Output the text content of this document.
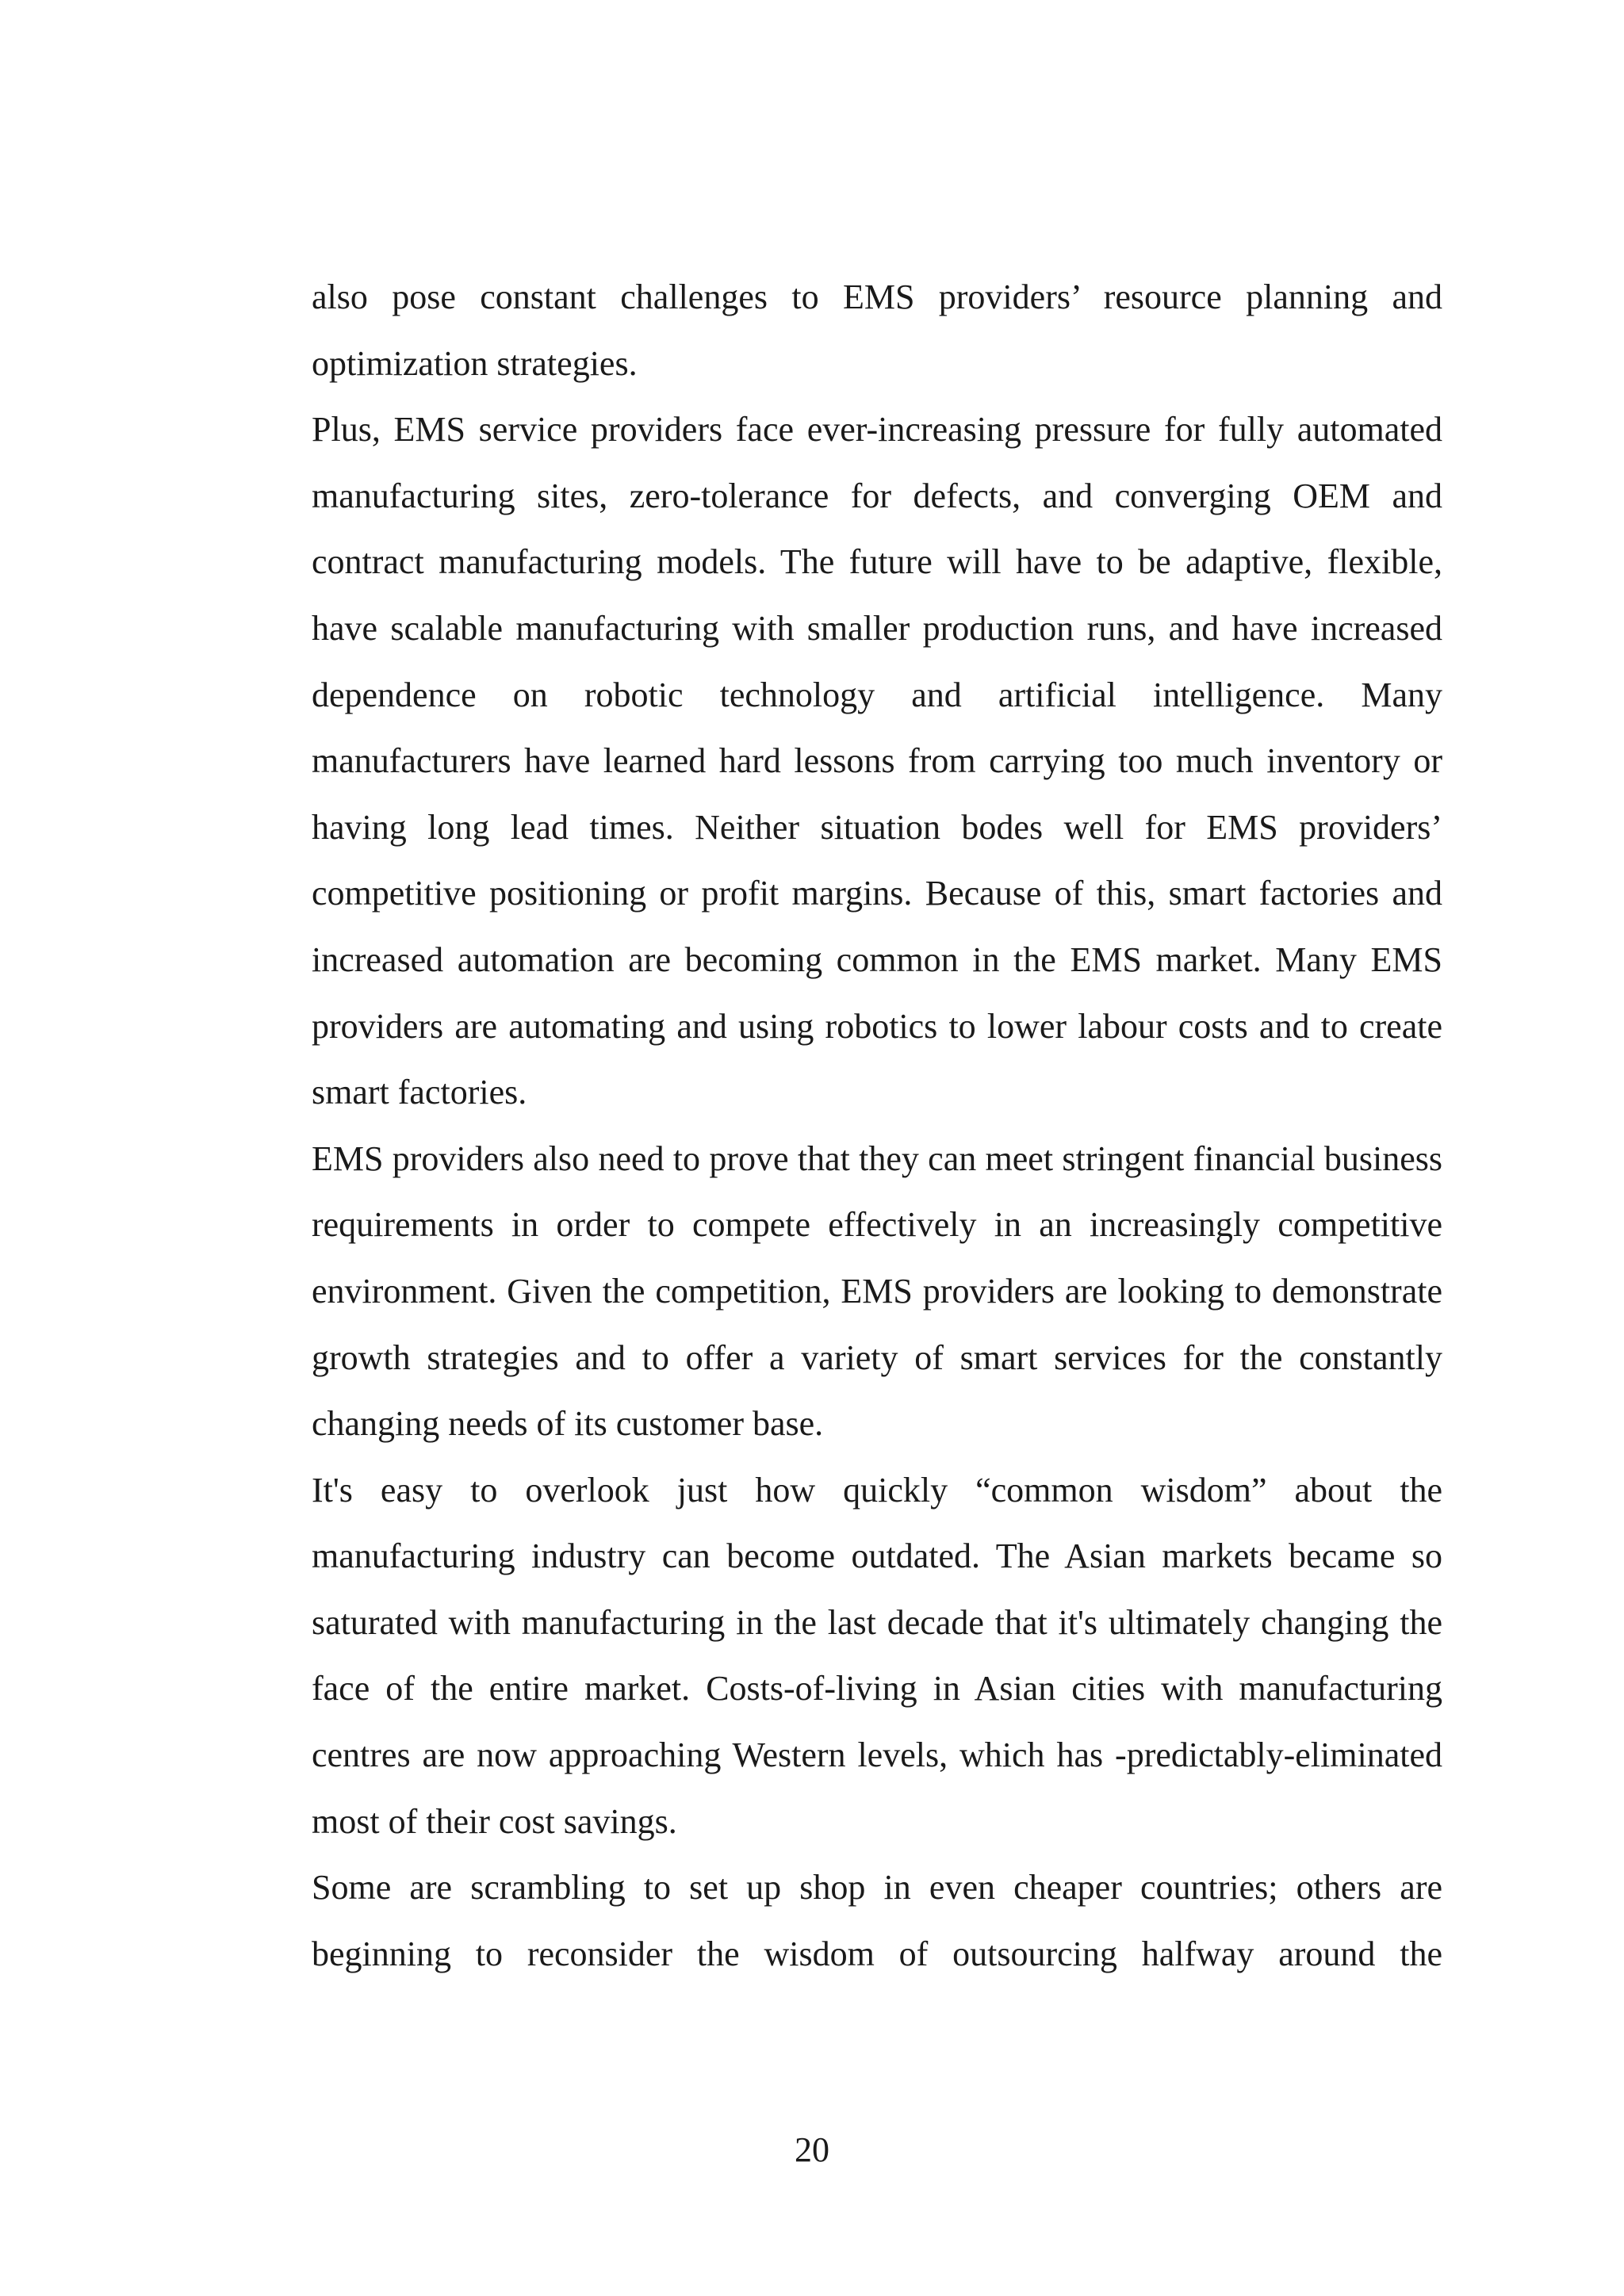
also pose constant challenges to EMS providers’ resource planning and optimization strategies.

Plus, EMS service providers face ever-increasing pressure for fully automated manufacturing sites, zero-tolerance for defects, and converging OEM and contract manufacturing models. The future will have to be adaptive, flexible, have scalable manufacturing with smaller production runs, and have increased dependence on robotic technology and artificial intelligence. Many manufacturers have learned hard lessons from carrying too much inventory or having long lead times. Neither situation bodes well for EMS providers’ competitive positioning or profit margins. Because of this, smart factories and increased automation are becoming common in the EMS market. Many EMS providers are automating and using robotics to lower labour costs and to create smart factories.

EMS providers also need to prove that they can meet stringent financial business requirements in order to compete effectively in an increasingly competitive environment. Given the competition, EMS providers are looking to demonstrate growth strategies and to offer a variety of smart services for the constantly changing needs of its customer base.

It's easy to overlook just how quickly “common wisdom” about the manufacturing industry can become outdated. The Asian markets became so saturated with manufacturing in the last decade that it's ultimately changing the face of the entire market. Costs-of-living in Asian cities with manufacturing centres are now approaching Western levels, which has -predictably-eliminated most of their cost savings.

Some are scrambling to set up shop in even cheaper countries; others are beginning to reconsider the wisdom of outsourcing halfway around the

20
